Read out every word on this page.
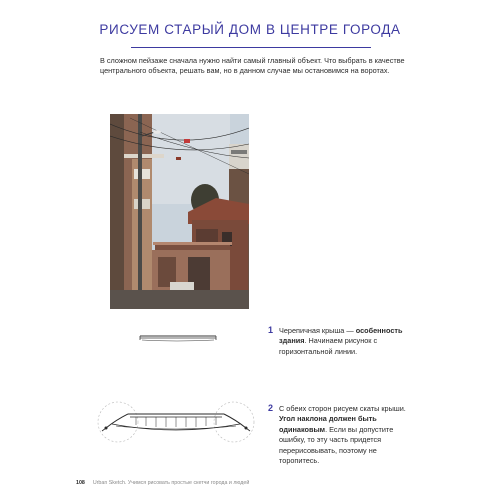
РИСУЕМ СТАРЫЙ ДОМ В ЦЕНТРЕ ГОРОДА
В сложном пейзаже сначала нужно найти самый главный объект. Что выбрать в качестве центрального объекта, решать вам, но в данном случае мы остановимся на воротах.
1 Черепичная крыша — особенность здания. Начинаем рисунок с горизонтальной линии.
2 С обеих сторон рисуем скаты крыши. Угол наклона должен быть одинаковым. Если вы допустите ошибку, то эту часть придется перерисовывать, поэтому не торопитесь.
108 Urban Sketch. Учимся рисовать простые скетчи города и людей
